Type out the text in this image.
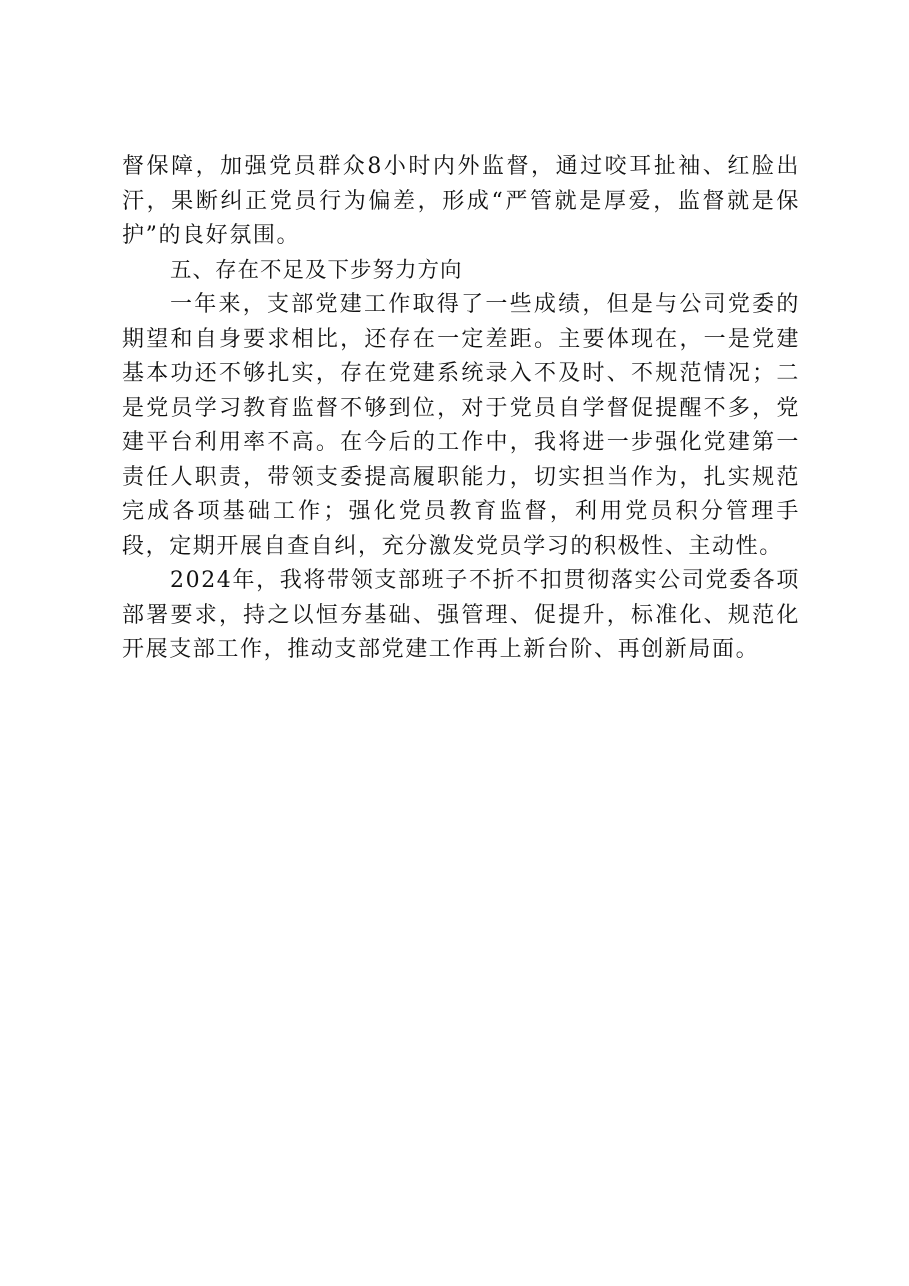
督保障，加强党员群众8小时内外监督，通过咬耳扯袖、红脸出汗，果断纠正党员行为偏差，形成“严管就是厚爱，监督就是保护”的良好氛围。

五、存在不足及下步努力方向

一年来，支部党建工作取得了一些成绩，但是与公司党委的期望和自身要求相比，还存在一定差距。主要体现在，一是党建基本功还不够扎实，存在党建系统录入不及时、不规范情况；二是党员学习教育监督不够到位，对于党员自学督促提醒不多，党建平台利用率不高。在今后的工作中，我将进一步强化党建第一责任人职责，带领支委提高履职能力，切实担当作为，扎实规范完成各项基础工作；强化党员教育监督，利用党员积分管理手段，定期开展自查自纠，充分激发党员学习的积极性、主动性。

2024年，我将带领支部班子不折不扣贯彻落实公司党委各项部署要求，持之以恒夯基础、强管理、促提升，标准化、规范化开展支部工作，推动支部党建工作再上新台阶、再创新局面。
